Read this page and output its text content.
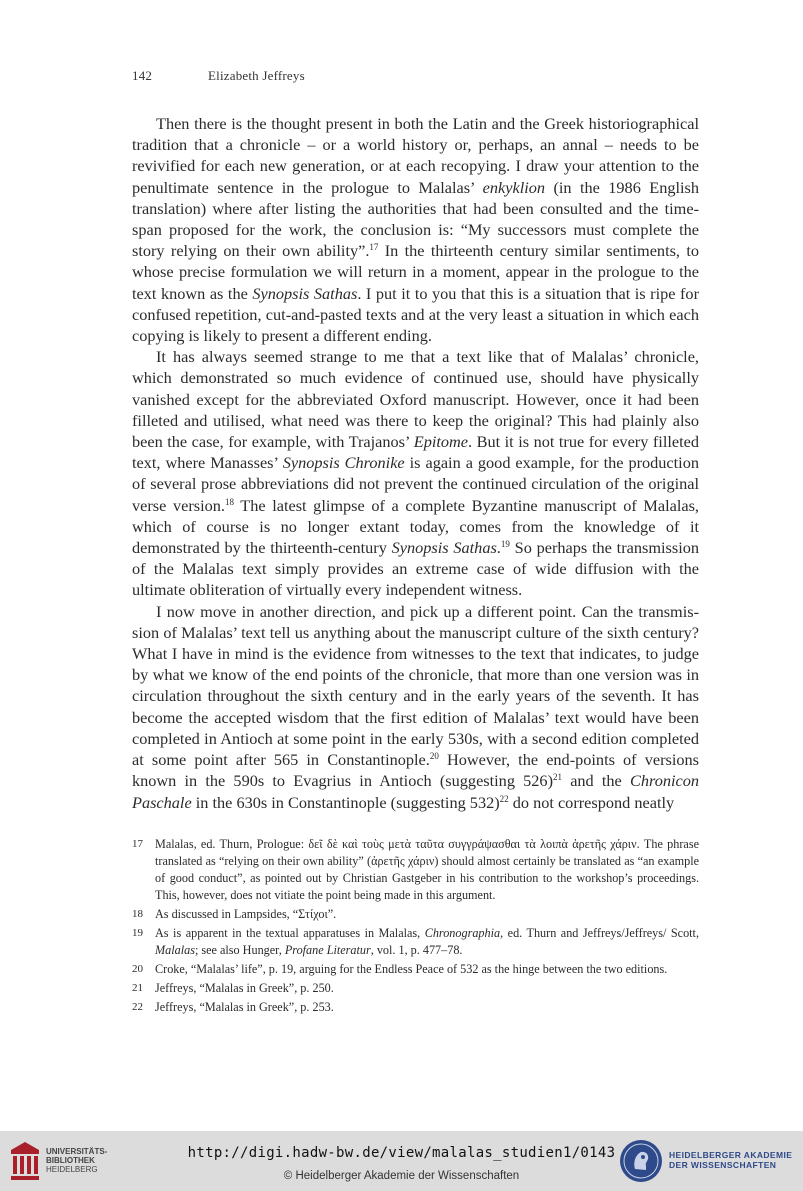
142	Elizabeth Jeffreys

Then there is the thought present in both the Latin and the Greek historiographical tradition that a chronicle – or a world history or, perhaps, an annal – needs to be revivified for each new generation, or at each recopying. I draw your attention to the penultimate sentence in the prologue to Malalas’ enkyklion (in the 1986 English translation) where after listing the authorities that had been consulted and the time-span proposed for the work, the conclusion is: “My successors must complete the story relying on their own ability”.$^{17}$ In the thirteenth century similar sentiments, to whose precise formulation we will return in a moment, appear in the prologue to the text known as the Synopsis Sathas. I put it to you that this is a situation that is ripe for confused repetition, cut-and-pasted texts and at the very least a situation in which each copying is likely to present a different ending.

It has always seemed strange to me that a text like that of Malalas’ chronicle, which demonstrated so much evidence of continued use, should have physically vanished except for the abbreviated Oxford manuscript. However, once it had been filleted and utilised, what need was there to keep the original? This had plainly also been the case, for example, with Trajanos’ Epitome. But it is not true for every filleted text, where Manasses’ Synopsis Chronike is again a good example, for the production of several prose abbreviations did not prevent the continued circulation of the original verse version.$^{18}$ The latest glimpse of a complete Byzantine manuscript of Malalas, which of course is no longer extant today, comes from the knowledge of it demonstrated by the thirteenth-century Synopsis Sathas.$^{19}$ So perhaps the transmission of the Malalas text simply provides an extreme case of wide diffusion with the ultimate obliteration of virtually every independent witness.

I now move in another direction, and pick up a different point. Can the transmission of Malalas’ text tell us anything about the manuscript culture of the sixth century? What I have in mind is the evidence from witnesses to the text that indicates, to judge by what we know of the end points of the chronicle, that more than one version was in circulation throughout the sixth century and in the early years of the seventh. It has become the accepted wisdom that the first edition of Malalas’ text would have been completed in Antioch at some point in the early 530s, with a second edition completed at some point after 565 in Constantinople.$^{20}$ However, the end-points of versions known in the 590s to Evagrius in Antioch (suggesting 526)$^{21}$ and the Chronicon Paschale in the 630s in Constantinople (suggesting 532)$^{22}$ do not correspond neatly

17 Malalas, ed. Thurn, Prologue: δεῖ δὲ καὶ τοὺς μετὰ ταῦτα συγγράψασθαι τὰ λοιπὰ ἀρετῆς χάριν. The phrase translated as “relying on their own ability” (ἀρετῆς χάριν) should almost certainly be translated as “an example of good conduct”, as pointed out by Christian Gastgeber in his contribution to the workshop’s proceedings. This, however, does not vitiate the point being made in this argument.
18 As discussed in Lampsides, “Στίχοι”.
19 As is apparent in the textual apparatuses in Malalas, Chronographia, ed. Thurn and Jeffreys/Jeffreys/ Scott, Malalas; see also Hunger, Profane Literatur, vol. 1, p. 477–78.
20 Croke, “Malalas’ life”, p. 19, arguing for the Endless Peace of 532 as the hinge between the two editions.
21 Jeffreys, “Malalas in Greek”, p. 250.
22 Jeffreys, “Malalas in Greek”, p. 253.
UNIVERSITÄTS-
BIBLIOTHEK
HEIDELBERG
http://digi.hadw-bw.de/view/malalas_studien1/0143
© Heidelberger Akademie der Wissenschaften
HEIDELBERGER AKADEMIE
DER WISSENSCHAFTEN
